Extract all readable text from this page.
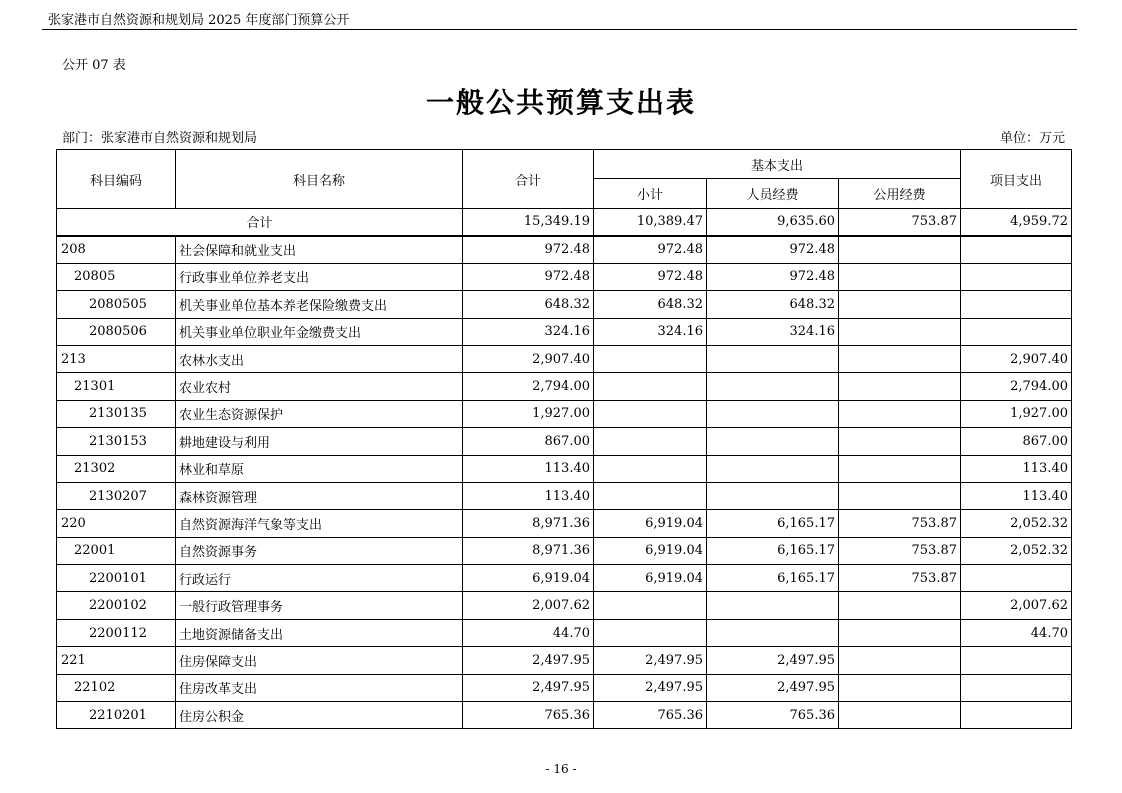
张家港市自然资源和规划局 2025 年度部门预算公开
公开 07 表
一般公共预算支出表
部门：张家港市自然资源和规划局	单位：万元
科目编码	科目名称	合计	基本支出			项目支出
			小计	人员经费	公用经费	
合计		15,349.19	10,389.47	9,635.60	753.87	4,959.72
208	社会保障和就业支出	972.48	972.48	972.48		
20805	行政事业单位养老支出	972.48	972.48	972.48		
2080505	机关事业单位基本养老保险缴费支出	648.32	648.32	648.32		
2080506	机关事业单位职业年金缴费支出	324.16	324.16	324.16		
213	农林水支出	2,907.40				2,907.40
21301	农业农村	2,794.00				2,794.00
2130135	农业生态资源保护	1,927.00				1,927.00
2130153	耕地建设与利用	867.00				867.00
21302	林业和草原	113.40				113.40
2130207	森林资源管理	113.40				113.40
220	自然资源海洋气象等支出	8,971.36	6,919.04	6,165.17	753.87	2,052.32
22001	自然资源事务	8,971.36	6,919.04	6,165.17	753.87	2,052.32
2200101	行政运行	6,919.04	6,919.04	6,165.17	753.87	
2200102	一般行政管理事务	2,007.62				2,007.62
2200112	土地资源储备支出	44.70				44.70
221	住房保障支出	2,497.95	2,497.95	2,497.95		
22102	住房改革支出	2,497.95	2,497.95	2,497.95		
2210201	住房公积金	765.36	765.36	765.36		
- 16 -
